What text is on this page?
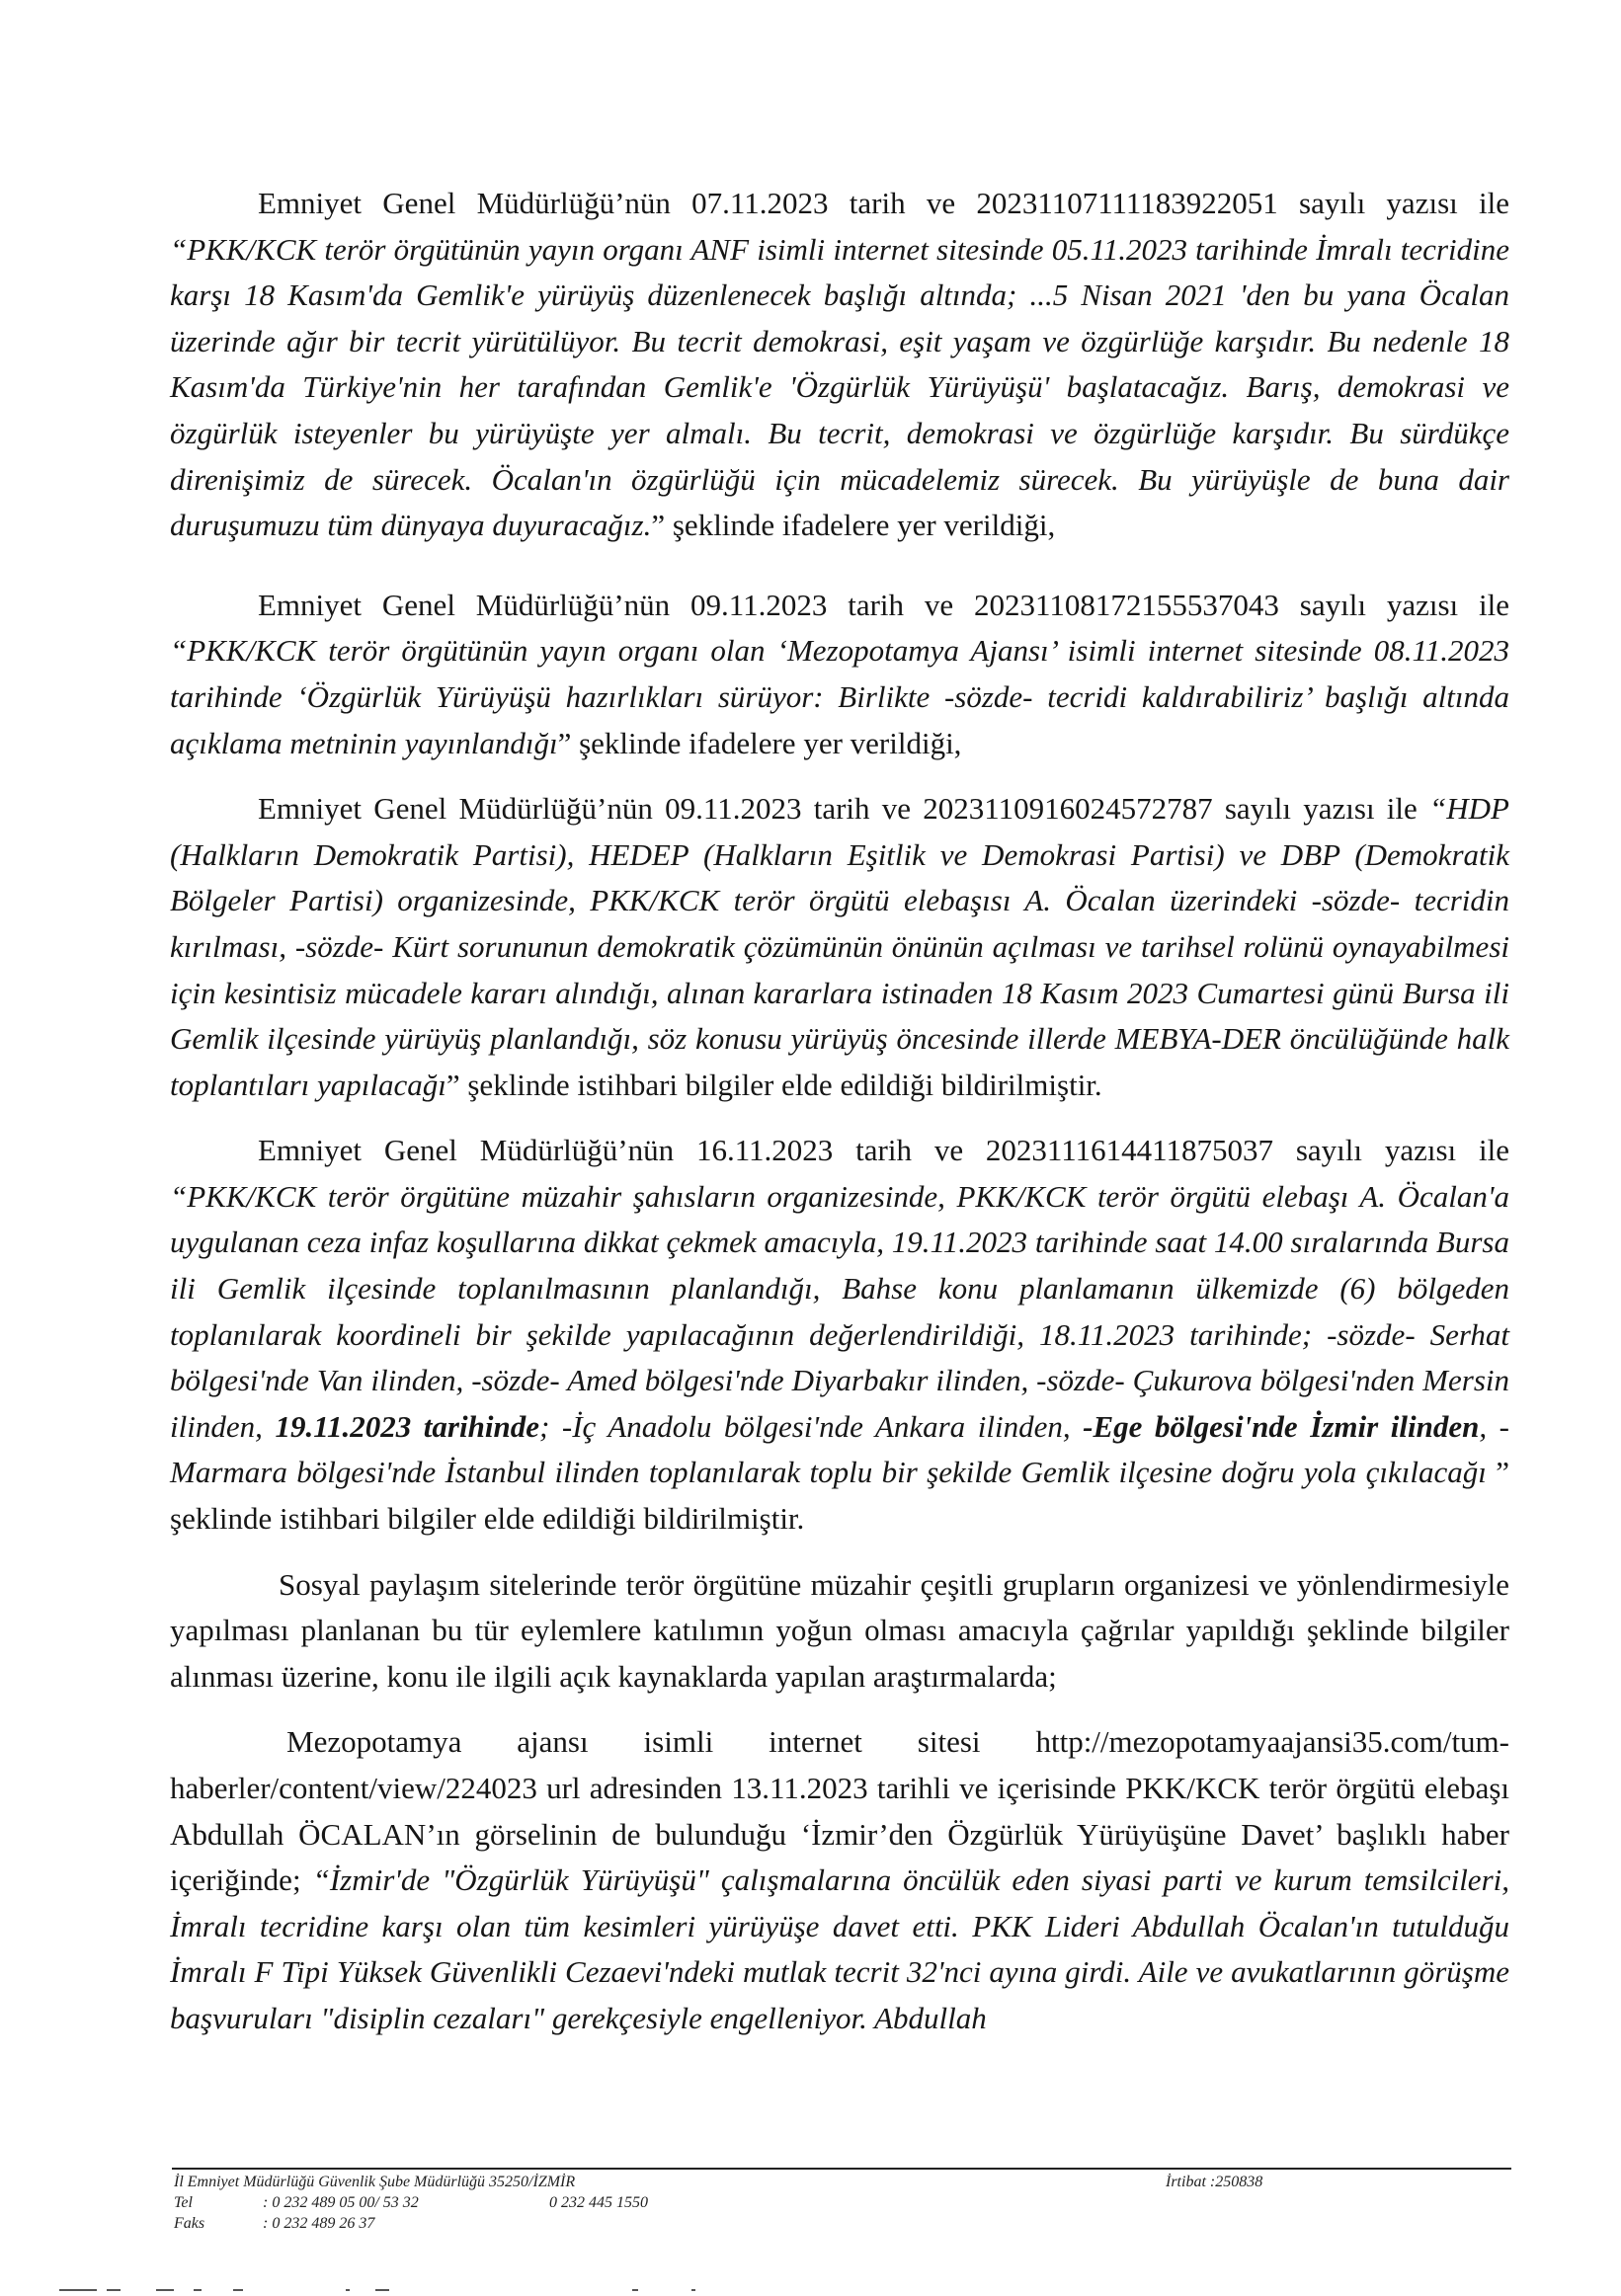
Emniyet Genel Müdürlüğü’nün 07.11.2023 tarih ve 20231107111183922051 sayılı yazısı ile “PKK/KCK terör örgütünün yayın organı ANF isimli internet sitesinde 05.11.2023 tarihinde İmralı tecridine karşı 18 Kasım'da Gemlik'e yürüyüş düzenlenecek başlığı altında; ...5 Nisan 2021 'den bu yana Öcalan üzerinde ağır bir tecrit yürütülüyor. Bu tecrit demokrasi, eşit yaşam ve özgürlüğe karşıdır. Bu nedenle 18 Kasım'da Türkiye'nin her tarafından Gemlik'e 'Özgürlük Yürüyüşü' başlatacağız. Barış, demokrasi ve özgürlük isteyenler bu yürüyüşte yer almalı. Bu tecrit, demokrasi ve özgürlüğe karşıdır. Bu sürdükçe direnişimiz de sürecek. Öcalan'ın özgürlüğü için mücadelemiz sürecek. Bu yürüyüşle de buna dair duruşumuzu tüm dünyaya duyuracağız.” şeklinde ifadelere yer verildiği,

Emniyet Genel Müdürlüğü’nün 09.11.2023 tarih ve 20231108172155537043 sayılı yazısı ile “PKK/KCK terör örgütünün yayın organı olan ‘Mezopotamya Ajansı’ isimli internet sitesinde 08.11.2023 tarihinde ‘Özgürlük Yürüyüşü hazırlıkları sürüyor: Birlikte -sözde- tecridi kaldırabiliriz’ başlığı altında açıklama metninin yayınlandığı” şeklinde ifadelere yer verildiği,

Emniyet Genel Müdürlüğü’nün 09.11.2023 tarih ve 20231109160245727​87 sayılı yazısı ile “HDP (Halkların Demokratik Partisi), HEDEP (Halkların Eşitlik ve Demokrasi Partisi) ve DBP (Demokratik Bölgeler Partisi) organizesinde, PKK/KCK terör örgütü elebaşısı A. Öcalan üzerindeki -sözde- tecridin kırılması, -sözde- Kürt sorununun demokratik çözümünün önünün açılması ve tarihsel rolünü oynayabilmesi için kesintisiz mücadele kararı alındığı, alınan kararlara istinaden 18 Kasım 2023 Cumartesi günü Bursa ili Gemlik ilçesinde yürüyüş planlandığı, söz konusu yürüyüş öncesinde illerde MEBYA-DER öncülüğünde halk toplantıları yapılacağı” şeklinde istihbari bilgiler elde edildiği bildirilmiştir.

Emniyet Genel Müdürlüğü’nün 16.11.2023 tarih ve 20231116144118750​37 sayılı yazısı ile “PKK/KCK terör örgütüne müzahir şahısların organizesinde, PKK/KCK terör örgütü elebaşı A. Öcalan'a uygulanan ceza infaz koşullarına dikkat çekmek amacıyla, 19.11.2023 tarihinde saat 14.00 sıralarında Bursa ili Gemlik ilçesinde toplanılmasının planlandığı, Bahse konu planlamanın ülkemizde (6) bölgeden toplanılarak koordineli bir şekilde yapılacağının değerlendirildiği, 18.11.2023 tarihinde; -sözde- Serhat bölgesi'nde Van ilinden, -sözde- Amed bölgesi'nde Diyarbakır ilinden, -sözde- Çukurova bölgesi'nden Mersin ilinden, 19.11.2023 tarihinde; -İç Anadolu bölgesi'nde Ankara ilinden, -Ege bölgesi'nde İzmir ilinden, -Marmara bölgesi'nde İstanbul ilinden toplanılarak toplu bir şekilde Gemlik ilçesine doğru yola çıkılacağı ” şeklinde istihbari bilgiler elde edildiği bildirilmiştir.

Sosyal paylaşım sitelerinde terör örgütüne müzahir çeşitli grupların organizesi ve yönlendirmesiyle yapılması planlanan bu tür eylemlere katılımın yoğun olması amacıyla çağrılar yapıldığı şeklinde bilgiler alınması üzerine, konu ile ilgili açık kaynaklarda yapılan araştırmalarda;

Mezopotamya ajansı isimli internet sitesi http://mezopotamyaajansi35.com/tum-haberler/content/view/224023 url adresinden 13.11.2023 tarihli ve içerisinde PKK/KCK terör örgütü elebaşı Abdullah ÖCALAN’ın görselinin de bulunduğu ‘İzmir’den Özgürlük Yürüyüşüne Davet’ başlıklı haber içeriğinde; “İzmir'de "Özgürlük Yürüyüşü" çalışmalarına öncülük eden siyasi parti ve kurum temsilcileri, İmralı tecridine karşı olan tüm kesimleri yürüyüşe davet etti. PKK Lideri Abdullah Öcalan'ın tutulduğu İmralı F Tipi Yüksek Güvenlikli Cezaevi'ndeki mutlak tecrit 32'nci ayına girdi. Aile ve avukatlarının görüşme başvuruları "disiplin cezaları" gerekçesiyle engelleniyor. Abdullah

İl Emniyet Müdürlüğü Güvenlik Şube Müdürlüğü 35250/İZMİR	İrtibat :250838
Tel	: 0 232 489 05 00/ 53 32	0 232 445 1550
Faks	: 0 232 489 26 37
